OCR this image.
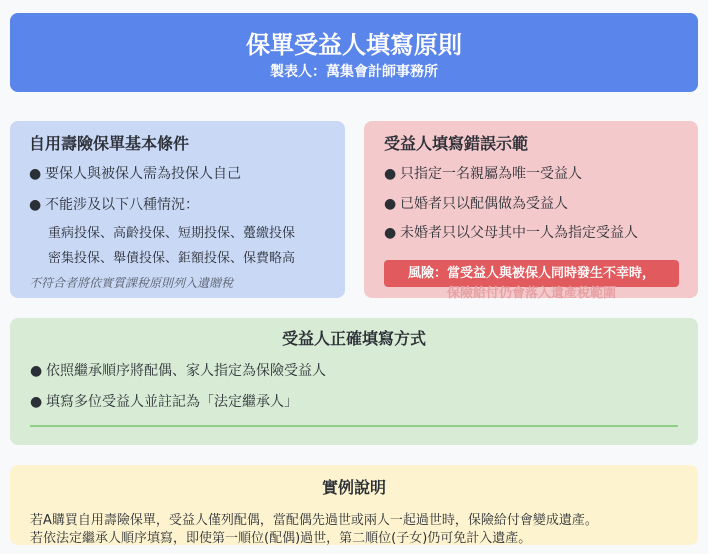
保單受益人填寫原則
製表人：萬集會計師事務所
自用壽險保單基本條件
● 要保人與被保人需為投保人自己
● 不能涉及以下八種情況：
重病投保、高齡投保、短期投保、躉繳投保
密集投保、舉債投保、鉅額投保、保費略高
不符合者將依實質課稅原則列入遺贈稅
受益人填寫錯誤示範
● 只指定一名親屬為唯一受益人
● 已婚者只以配偶做為受益人
● 未婚者只以父母其中一人為指定受益人
風險：當受益人與被保人同時發生不幸時，
保險給付仍會落入遺產稅範圍
受益人正確填寫方式
● 依照繼承順序將配偶、家人指定為保險受益人
● 填寫多位受益人並註記為「法定繼承人」
實例說明
若A購買自用壽險保單，受益人僅列配偶，當配偶先過世或兩人一起過世時，保險給付會變成遺產。
若依法定繼承人順序填寫，即使第一順位(配偶)過世，第二順位(子女)仍可免計入遺產。
